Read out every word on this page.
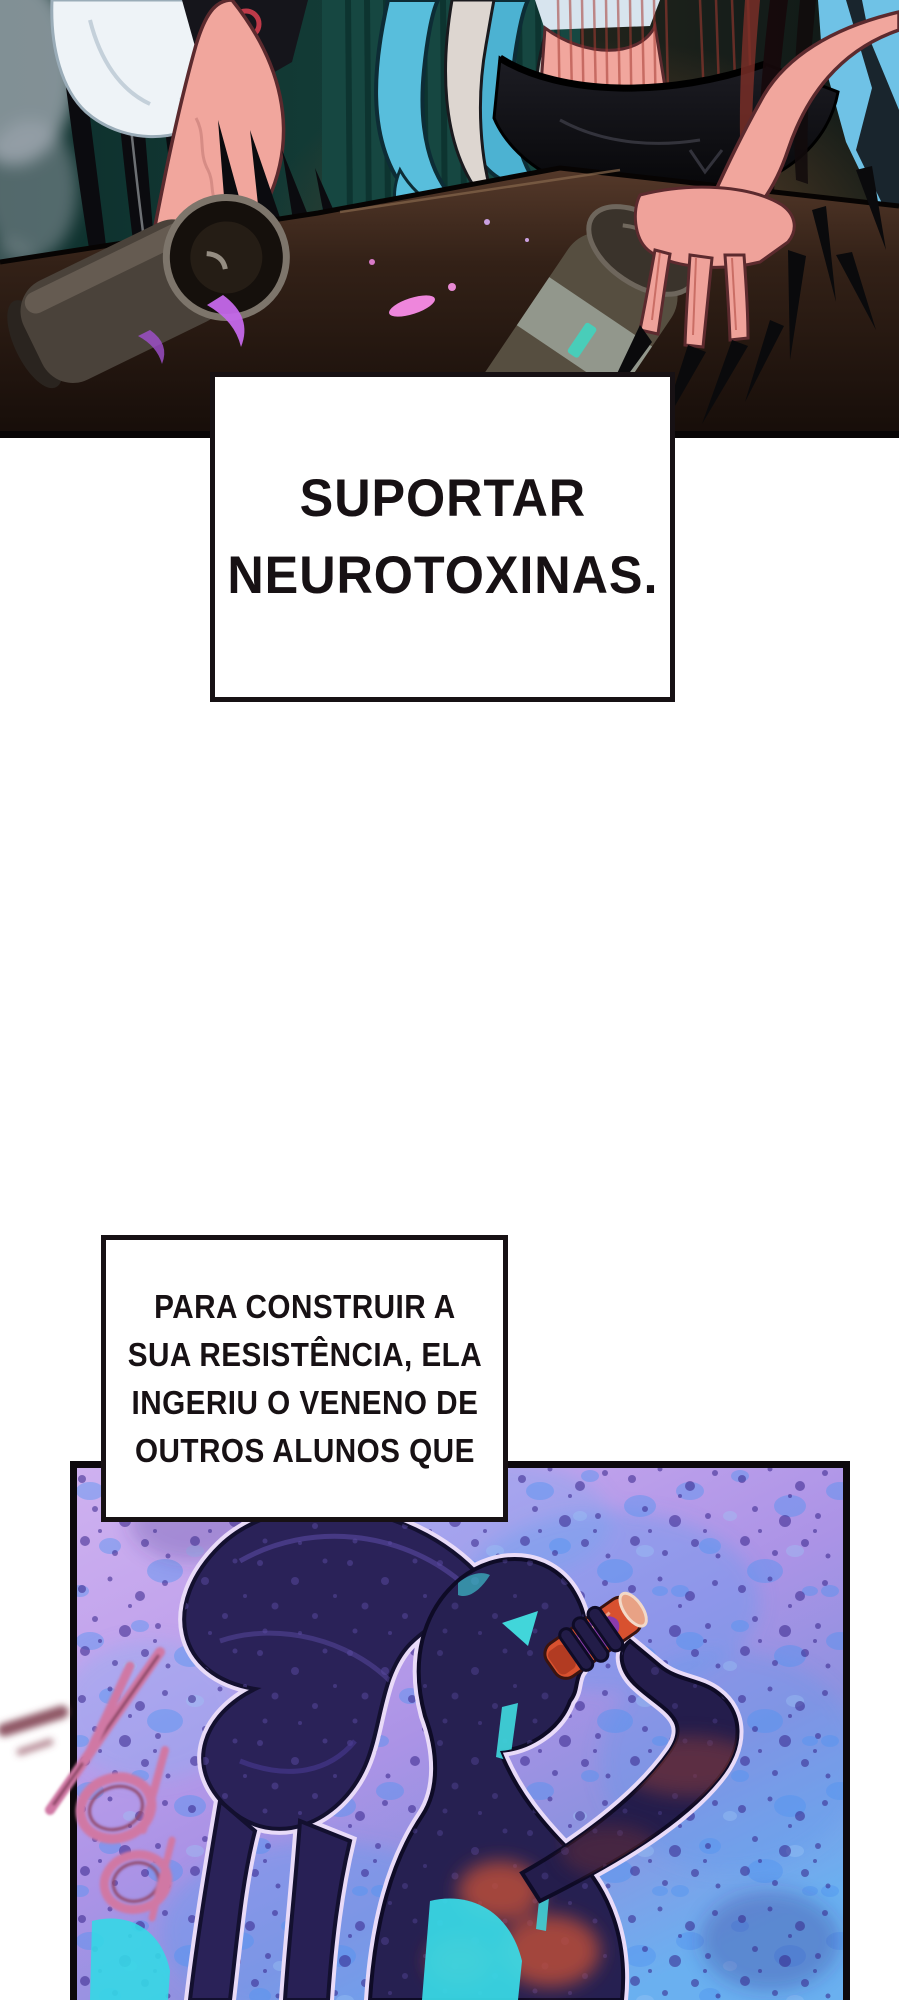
SUPORTAR
NEUROTOXINAS.
PARA CONSTRUIR A
SUA RESISTÊNCIA, ELA
INGERIU O VENENO DE
OUTROS ALUNOS QUE
